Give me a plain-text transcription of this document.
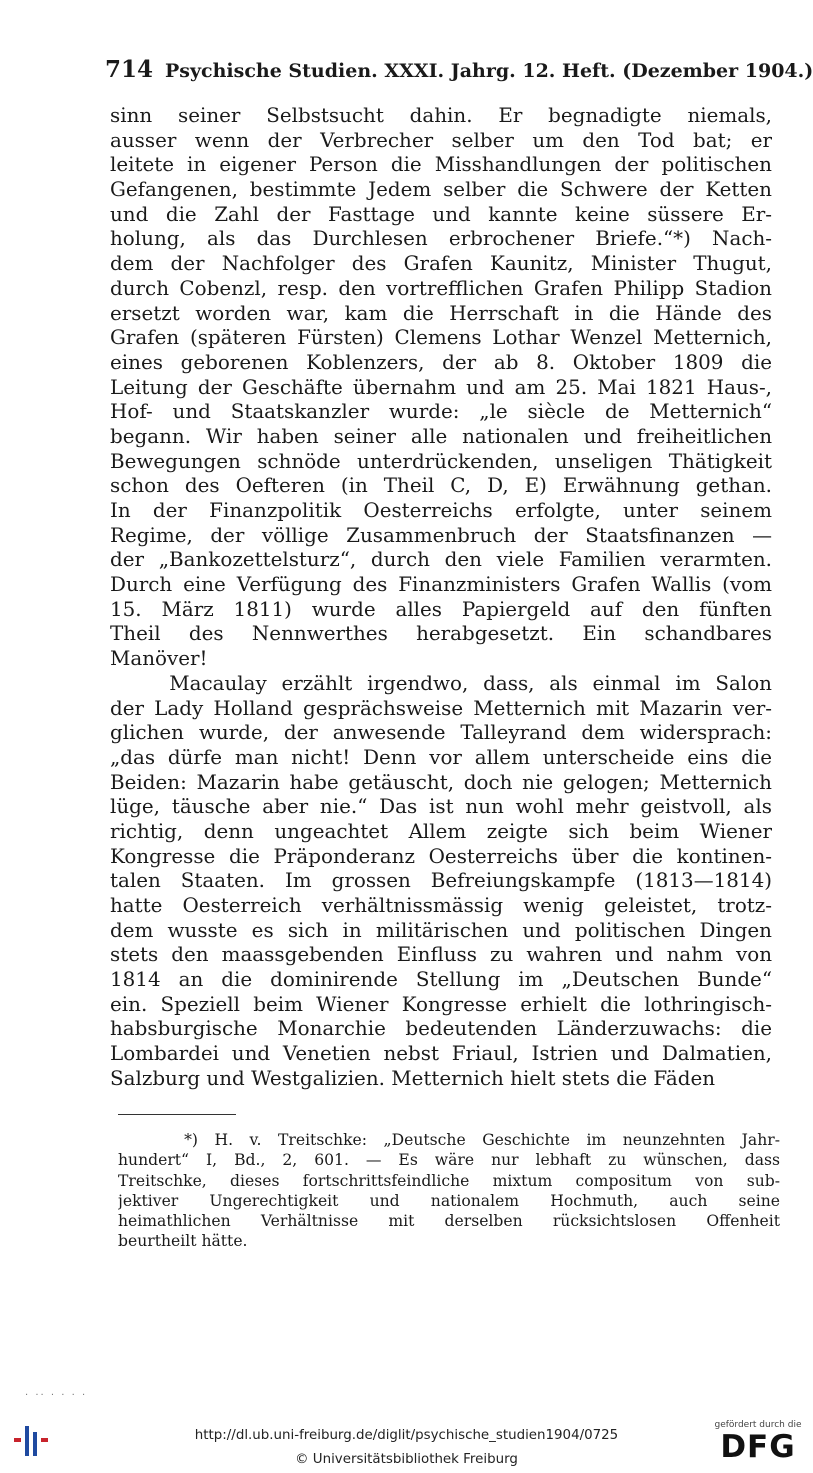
714 Psychische Studien. XXXI. Jahrg. 12. Heft. (Dezember 1904.)
sinn seiner Selbstsucht dahin. Er begnadigte niemals,
ausser wenn der Verbrecher selber um den Tod bat; er
leitete in eigener Person die Misshandlungen der politischen
Gefangenen, bestimmte Jedem selber die Schwere der Ketten
und die Zahl der Fasttage und kannte keine süssere Er-
holung, als das Durchlesen erbrochener Briefe.“*) Nach-
dem der Nachfolger des Grafen Kaunitz, Minister Thugut,
durch Cobenzl, resp. den vortrefflichen Grafen Philipp Stadion
ersetzt worden war, kam die Herrschaft in die Hände des
Grafen (späteren Fürsten) Clemens Lothar Wenzel Metternich,
eines geborenen Koblenzers, der ab 8. Oktober 1809 die
Leitung der Geschäfte übernahm und am 25. Mai 1821 Haus-,
Hof- und Staatskanzler wurde: „le siècle de Metternich“
begann. Wir haben seiner alle nationalen und freiheitlichen
Bewegungen schnöde unterdrückenden, unseligen Thätigkeit
schon des Oefteren (in Theil C, D, E) Erwähnung gethan.
In der Finanzpolitik Oesterreichs erfolgte, unter seinem
Regime, der völlige Zusammenbruch der Staatsfinanzen —
der „Bankozettelsturz“, durch den viele Familien verarmten.
Durch eine Verfügung des Finanzministers Grafen Wallis (vom
15. März 1811) wurde alles Papiergeld auf den fünften
Theil des Nennwerthes herabgesetzt. Ein schandbares
Manöver!
Macaulay erzählt irgendwo, dass, als einmal im Salon
der Lady Holland gesprächsweise Metternich mit Mazarin ver-
glichen wurde, der anwesende Talleyrand dem widersprach:
„das dürfe man nicht! Denn vor allem unterscheide eins die
Beiden: Mazarin habe getäuscht, doch nie gelogen; Metternich
lüge, täusche aber nie.“ Das ist nun wohl mehr geistvoll, als
richtig, denn ungeachtet Allem zeigte sich beim Wiener
Kongresse die Präponderanz Oesterreichs über die kontinen-
talen Staaten. Im grossen Befreiungskampfe (1813—1814)
hatte Oesterreich verhältnissmässig wenig geleistet, trotz-
dem wusste es sich in militärischen und politischen Dingen
stets den maassgebenden Einfluss zu wahren und nahm von
1814 an die dominirende Stellung im „Deutschen Bunde“
ein. Speziell beim Wiener Kongresse erhielt die lothringisch-
habsburgische Monarchie bedeutenden Länderzuwachs: die
Lombardei und Venetien nebst Friaul, Istrien und Dalmatien,
Salzburg und Westgalizien. Metternich hielt stets die Fäden
*) H. v. Treitschke: „Deutsche Geschichte im neunzehnten Jahr-
hundert“ I, Bd., 2, 601. — Es wäre nur lebhaft zu wünschen, dass
Treitschke, dieses fortschrittsfeindliche mixtum compositum von sub-
jektiver Ungerechtigkeit und nationalem Hochmuth, auch seine
heimathlichen Verhältnisse mit derselben rücksichtslosen Offenheit
beurtheilt hätte.
· ·· · · · ·
http://dl.ub.uni-freiburg.de/diglit/psychische_studien1904/0725
© Universitätsbibliothek Freiburg
gefördert durch die
DFG
